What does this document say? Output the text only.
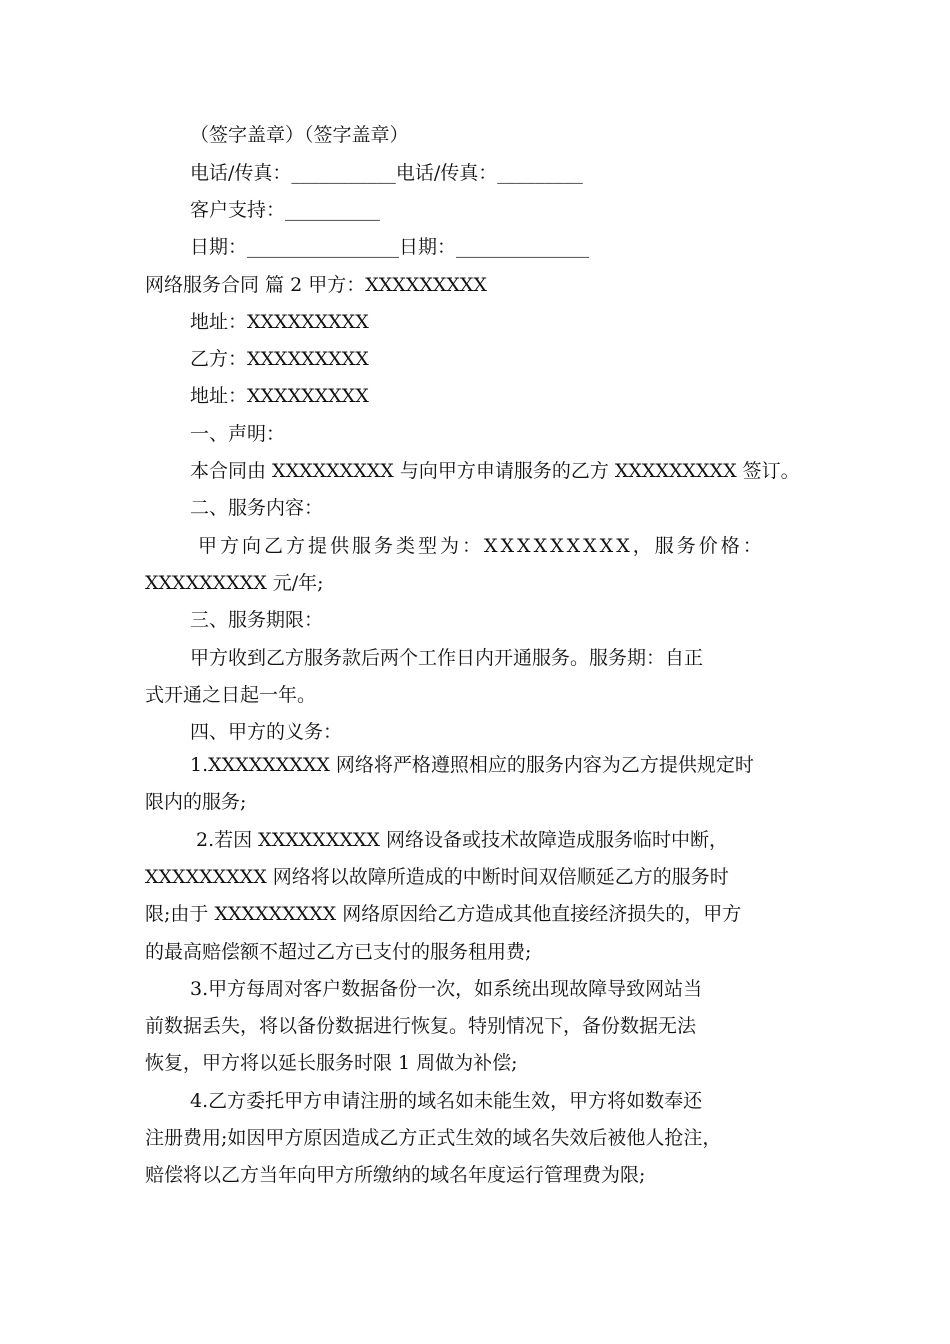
（签字盖章）（签字盖章）

电话/传真：___________电话/传真：_________

客户支持：__________

日期：________________日期：______________

网络服务合同 篇 2 甲方：XXXXXXXXX

地址：XXXXXXXXX

乙方：XXXXXXXXX

地址：XXXXXXXXX

一、声明：

本合同由 XXXXXXXXX 与向甲方申请服务的乙方 XXXXXXXXX 签订。

二、服务内容：

甲方向乙方提供服务类型为：XXXXXXXXX，服务价格：

XXXXXXXXX 元/年;

三、服务期限：

甲方收到乙方服务款后两个工作日内开通服务。服务期：自正

式开通之日起一年。

四、甲方的义务：

1.XXXXXXXXX 网络将严格遵照相应的服务内容为乙方提供规定时

限内的服务;

2.若因 XXXXXXXXX 网络设备或技术故障造成服务临时中断，

XXXXXXXXX 网络将以故障所造成的中断时间双倍顺延乙方的服务时

限;由于 XXXXXXXXX 网络原因给乙方造成其他直接经济损失的，甲方

的最高赔偿额不超过乙方已支付的服务租用费;

3.甲方每周对客户数据备份一次，如系统出现故障导致网站当

前数据丢失，将以备份数据进行恢复。特别情况下，备份数据无法

恢复，甲方将以延长服务时限 1 周做为补偿;

4.乙方委托甲方申请注册的域名如未能生效，甲方将如数奉还

注册费用;如因甲方原因造成乙方正式生效的域名失效后被他人抢注，

赔偿将以乙方当年向甲方所缴纳的域名年度运行管理费为限;
